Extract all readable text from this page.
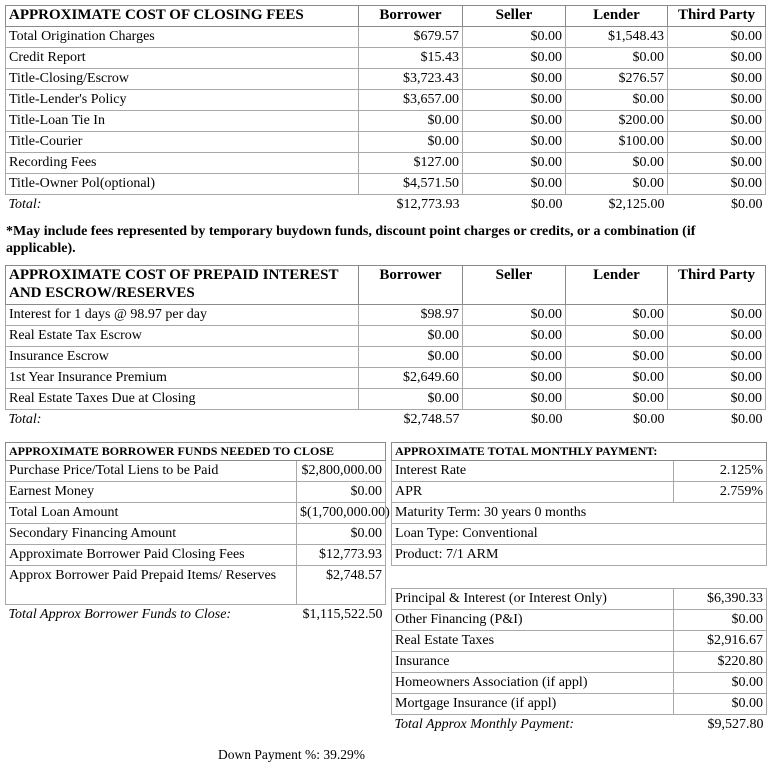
APPROXIMATE COST OF CLOSING FEES	Borrower	Seller	Lender	Third Party
Total Origination Charges	$679.57	$0.00	$1,548.43	$0.00
Credit Report	$15.43	$0.00	$0.00	$0.00
Title-Closing/Escrow	$3,723.43	$0.00	$276.57	$0.00
Title-Lender's Policy	$3,657.00	$0.00	$0.00	$0.00
Title-Loan Tie In	$0.00	$0.00	$200.00	$0.00
Title-Courier	$0.00	$0.00	$100.00	$0.00
Recording Fees	$127.00	$0.00	$0.00	$0.00
Title-Owner Pol(optional)	$4,571.50	$0.00	$0.00	$0.00
Total:	$12,773.93	$0.00	$2,125.00	$0.00
*May include fees represented by temporary buydown funds, discount point charges or credits, or a combination (if applicable).
APPROXIMATE COST OF PREPAID INTEREST AND ESCROW/RESERVES	Borrower	Seller	Lender	Third Party
Interest for 1 days @ 98.97 per day	$98.97	$0.00	$0.00	$0.00
Real Estate Tax Escrow	$0.00	$0.00	$0.00	$0.00
Insurance Escrow	$0.00	$0.00	$0.00	$0.00
1st Year Insurance Premium	$2,649.60	$0.00	$0.00	$0.00
Real Estate Taxes Due at Closing	$0.00	$0.00	$0.00	$0.00
Total:	$2,748.57	$0.00	$0.00	$0.00
APPROXIMATE BORROWER FUNDS NEEDED TO CLOSE	
Purchase Price/Total Liens to be Paid	$2,800,000.00
Earnest Money	$0.00
Total Loan Amount	$(1,700,000.00)
Secondary Financing Amount	$0.00
Approximate Borrower Paid Closing Fees	$12,773.93
Approx Borrower Paid Prepaid Items/ Reserves	$2,748.57
Total Approx Borrower Funds to Close:	$1,115,522.50
APPROXIMATE TOTAL MONTHLY PAYMENT:	
Interest Rate	2.125%
APR	2.759%
Maturity Term: 30 years 0 months	
Loan Type: Conventional	
Product: 7/1 ARM	
Principal & Interest (or Interest Only)	$6,390.33
Other Financing (P&I)	$0.00
Real Estate Taxes	$2,916.67
Insurance	$220.80
Homeowners Association (if appl)	$0.00
Mortgage Insurance (if appl)	$0.00
Total Approx Monthly Payment:	$9,527.80
Down Payment %: 39.29%
